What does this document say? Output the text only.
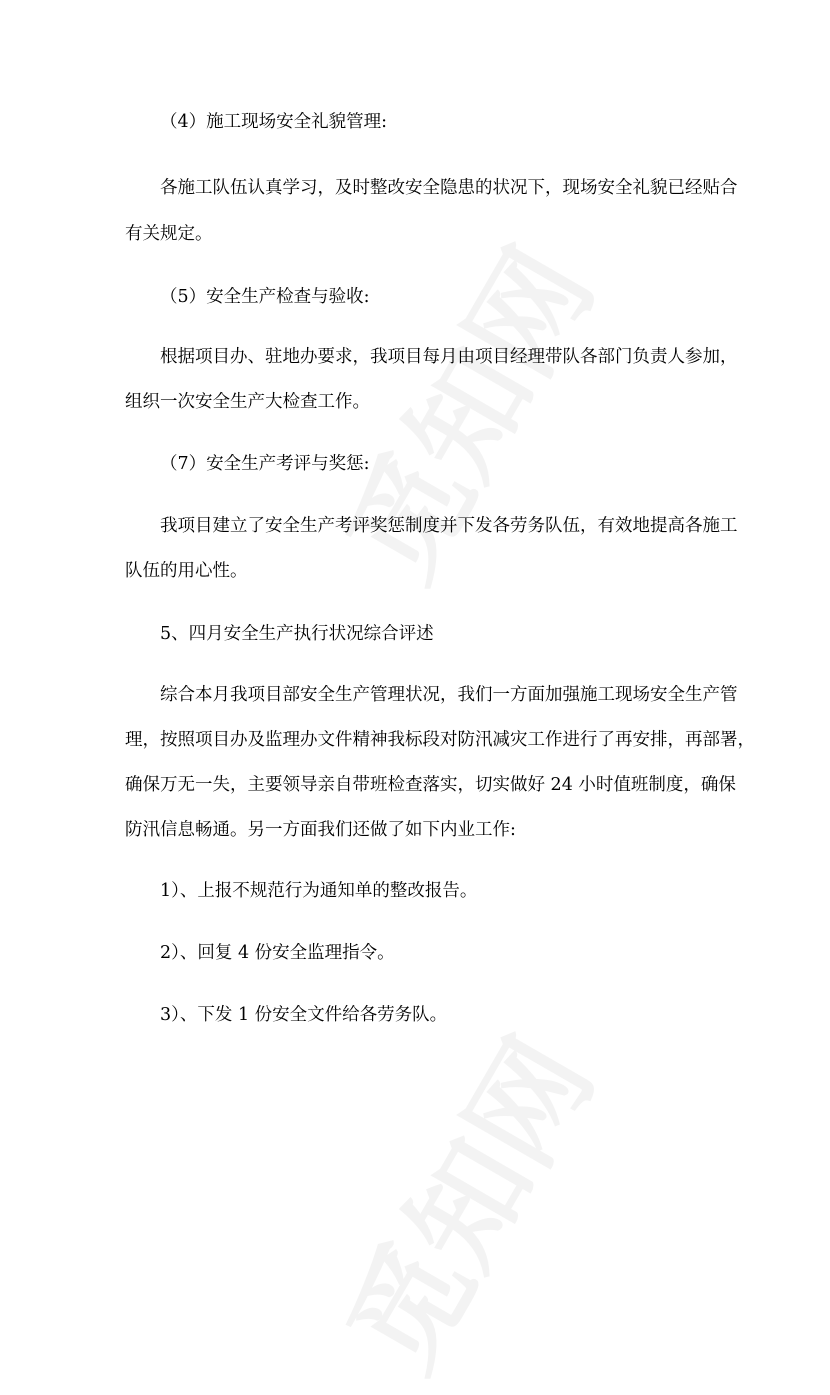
（4）施工现场安全礼貌管理:

各施工队伍认真学习，及时整改安全隐患的状况下，现场安全礼貌已经贴合

有关规定。

（5）安全生产检查与验收:

根据项目办、驻地办要求，我项目每月由项目经理带队各部门负责人参加，

组织一次安全生产大检查工作。

（7）安全生产考评与奖惩:

我项目建立了安全生产考评奖惩制度并下发各劳务队伍，有效地提高各施工

队伍的用心性。

5、四月安全生产执行状况综合评述

综合本月我项目部安全生产管理状况，我们一方面加强施工现场安全生产管

理，按照项目办及监理办文件精神我标段对防汛减灾工作进行了再安排，再部署，

确保万无一失，主要领导亲自带班检查落实，切实做好 24 小时值班制度，确保

防汛信息畅通。另一方面我们还做了如下内业工作:

1）、上报不规范行为通知单的整改报告。

2）、回复 4 份安全监理指令。

3）、下发 1 份安全文件给各劳务队。
